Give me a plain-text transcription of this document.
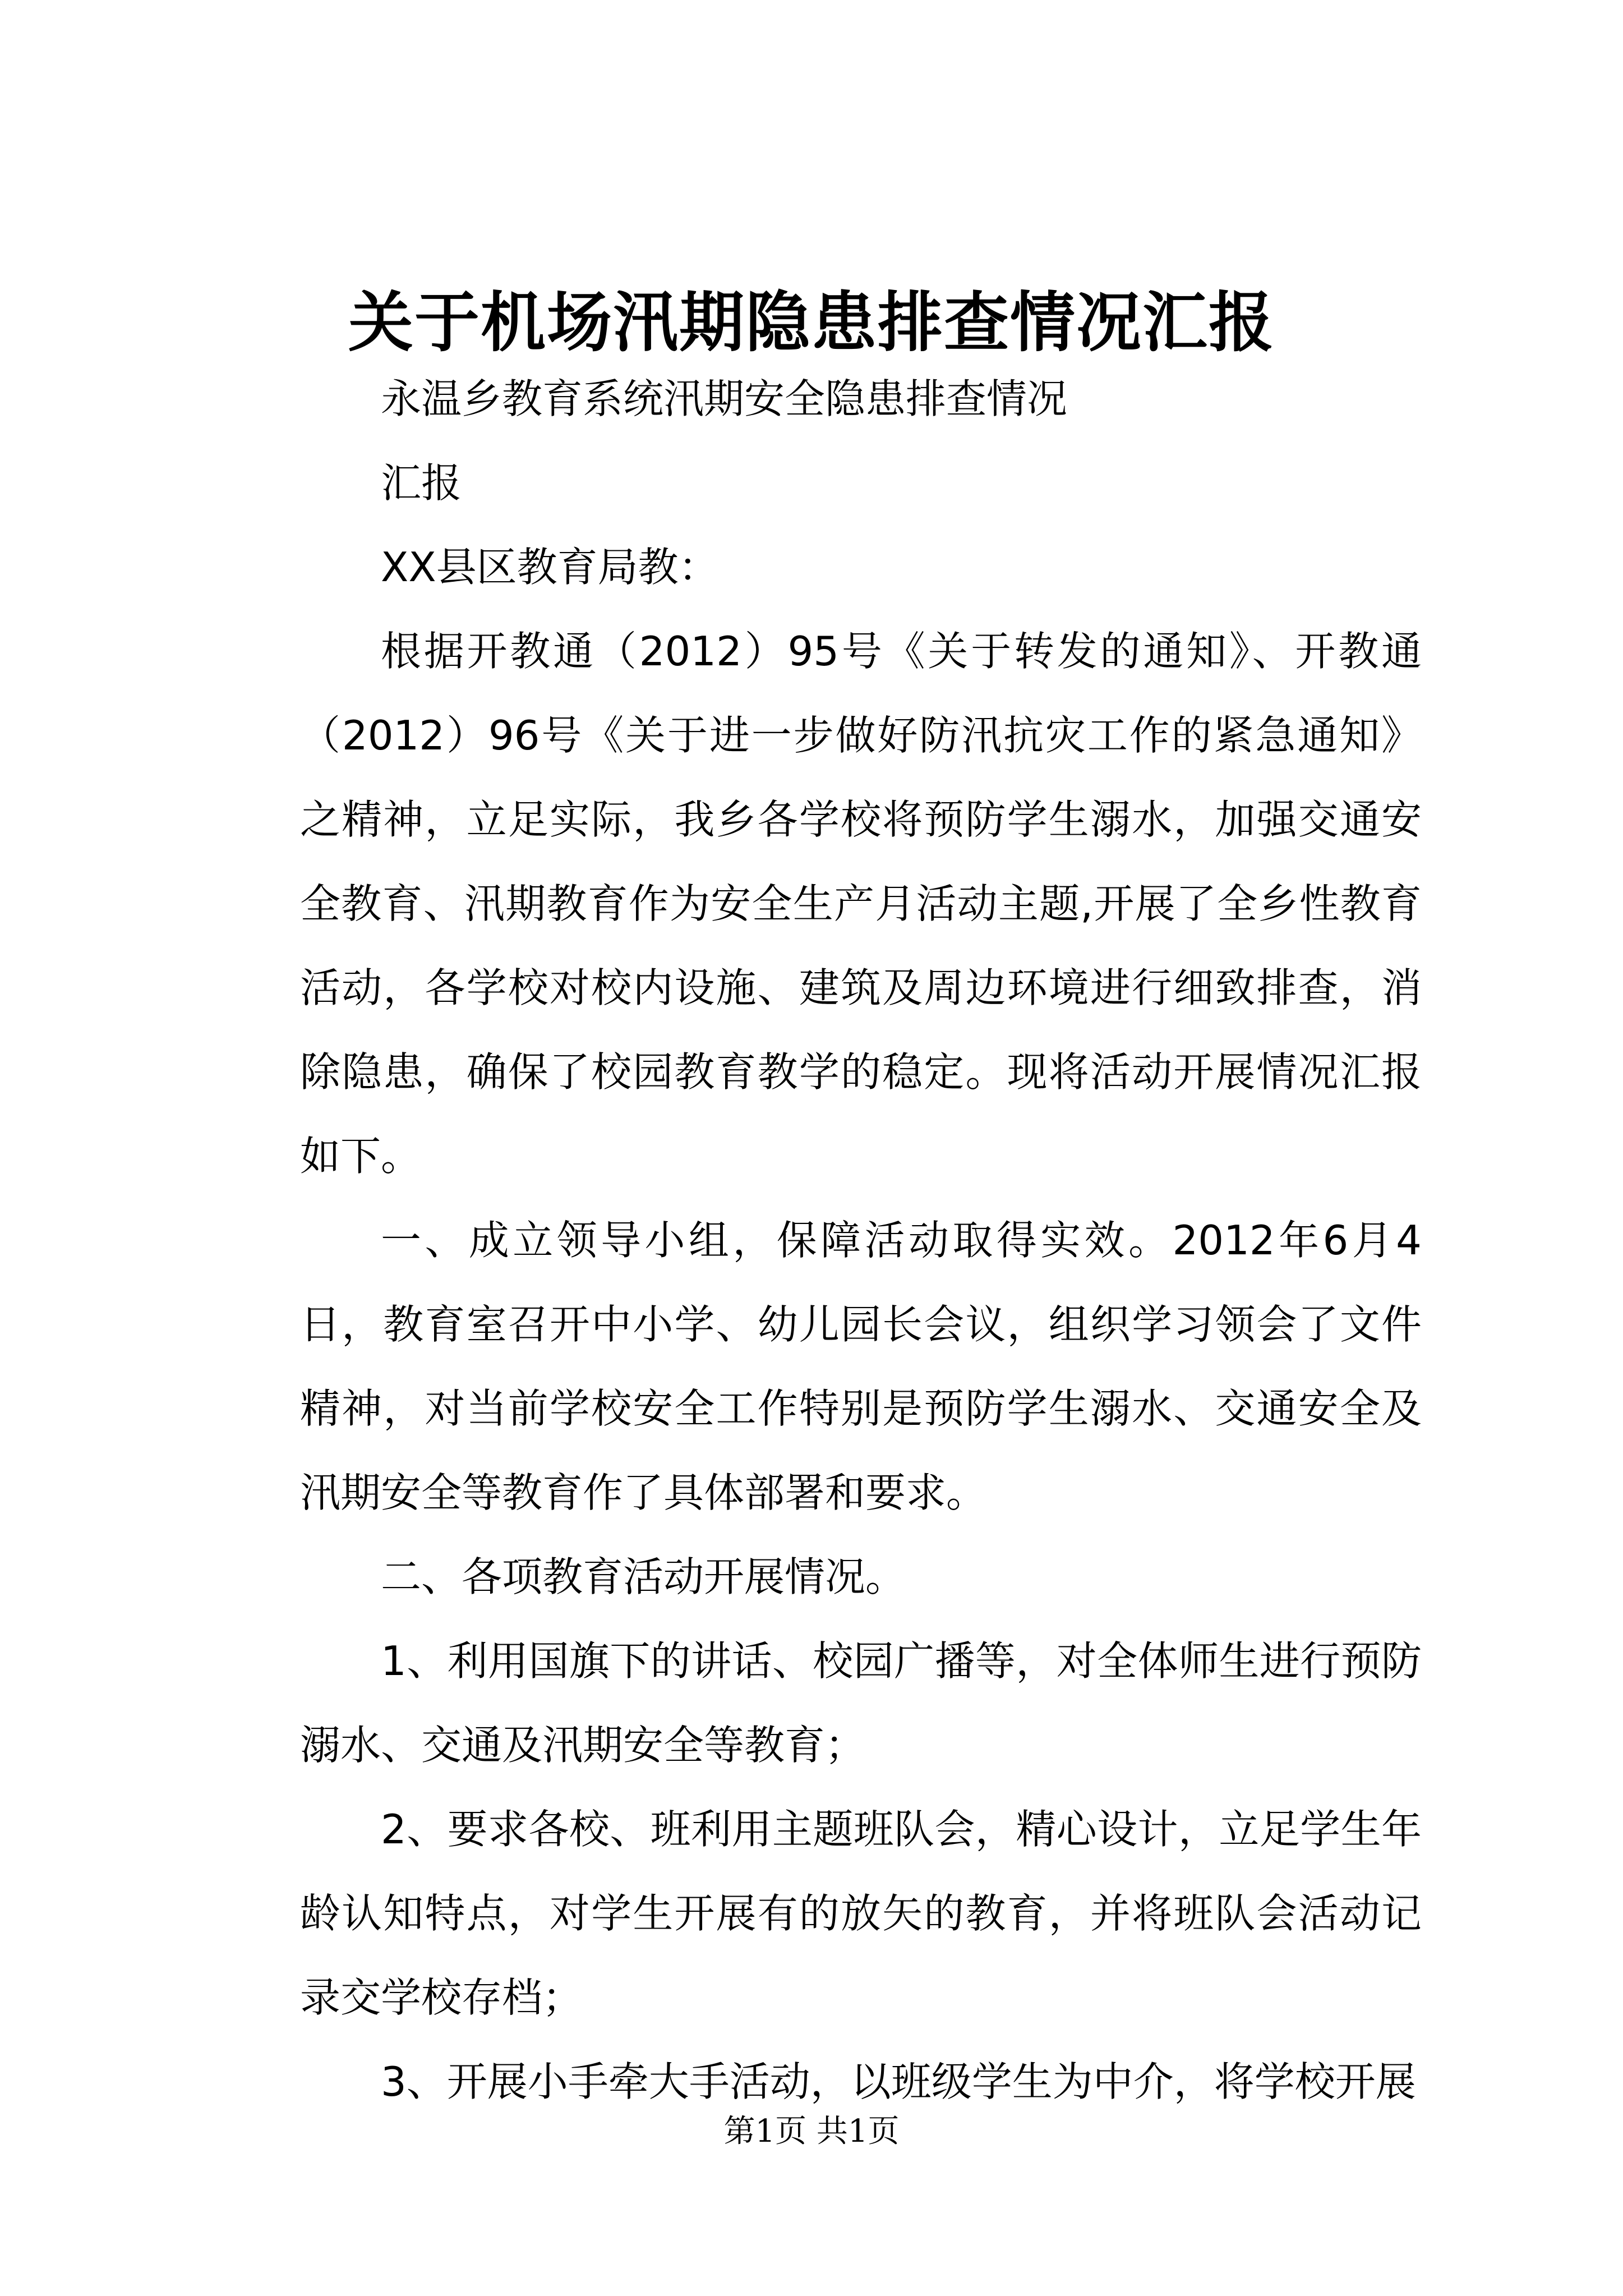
关于机场汛期隐患排查情况汇报

永温乡教育系统汛期安全隐患排查情况

汇报

XX县区教育局教：

根据开教通（2012）95号《关于转发的通知》、开教通（2012）96号《关于进一步做好防汛抗灾工作的紧急通知》之精神，立足实际，我乡各学校将预防学生溺水，加强交通安全教育、汛期教育作为安全生产月活动主题,开展了全乡性教育活动，各学校对校内设施、建筑及周边环境进行细致排查，消除隐患，确保了校园教育教学的稳定。现将活动开展情况汇报如下。

一、成立领导小组，保障活动取得实效。2012年6月4日，教育室召开中小学、幼儿园长会议，组织学习领会了文件精神，对当前学校安全工作特别是预防学生溺水、交通安全及汛期安全等教育作了具体部署和要求。

二、各项教育活动开展情况。

1、利用国旗下的讲话、校园广播等，对全体师生进行预防溺水、交通及汛期安全等教育；

2、要求各校、班利用主题班队会，精心设计，立足学生年龄认知特点，对学生开展有的放矢的教育，并将班队会活动记录交学校存档；

3、开展小手牵大手活动，以班级学生为中介，将学校开展

第1页 共1页
